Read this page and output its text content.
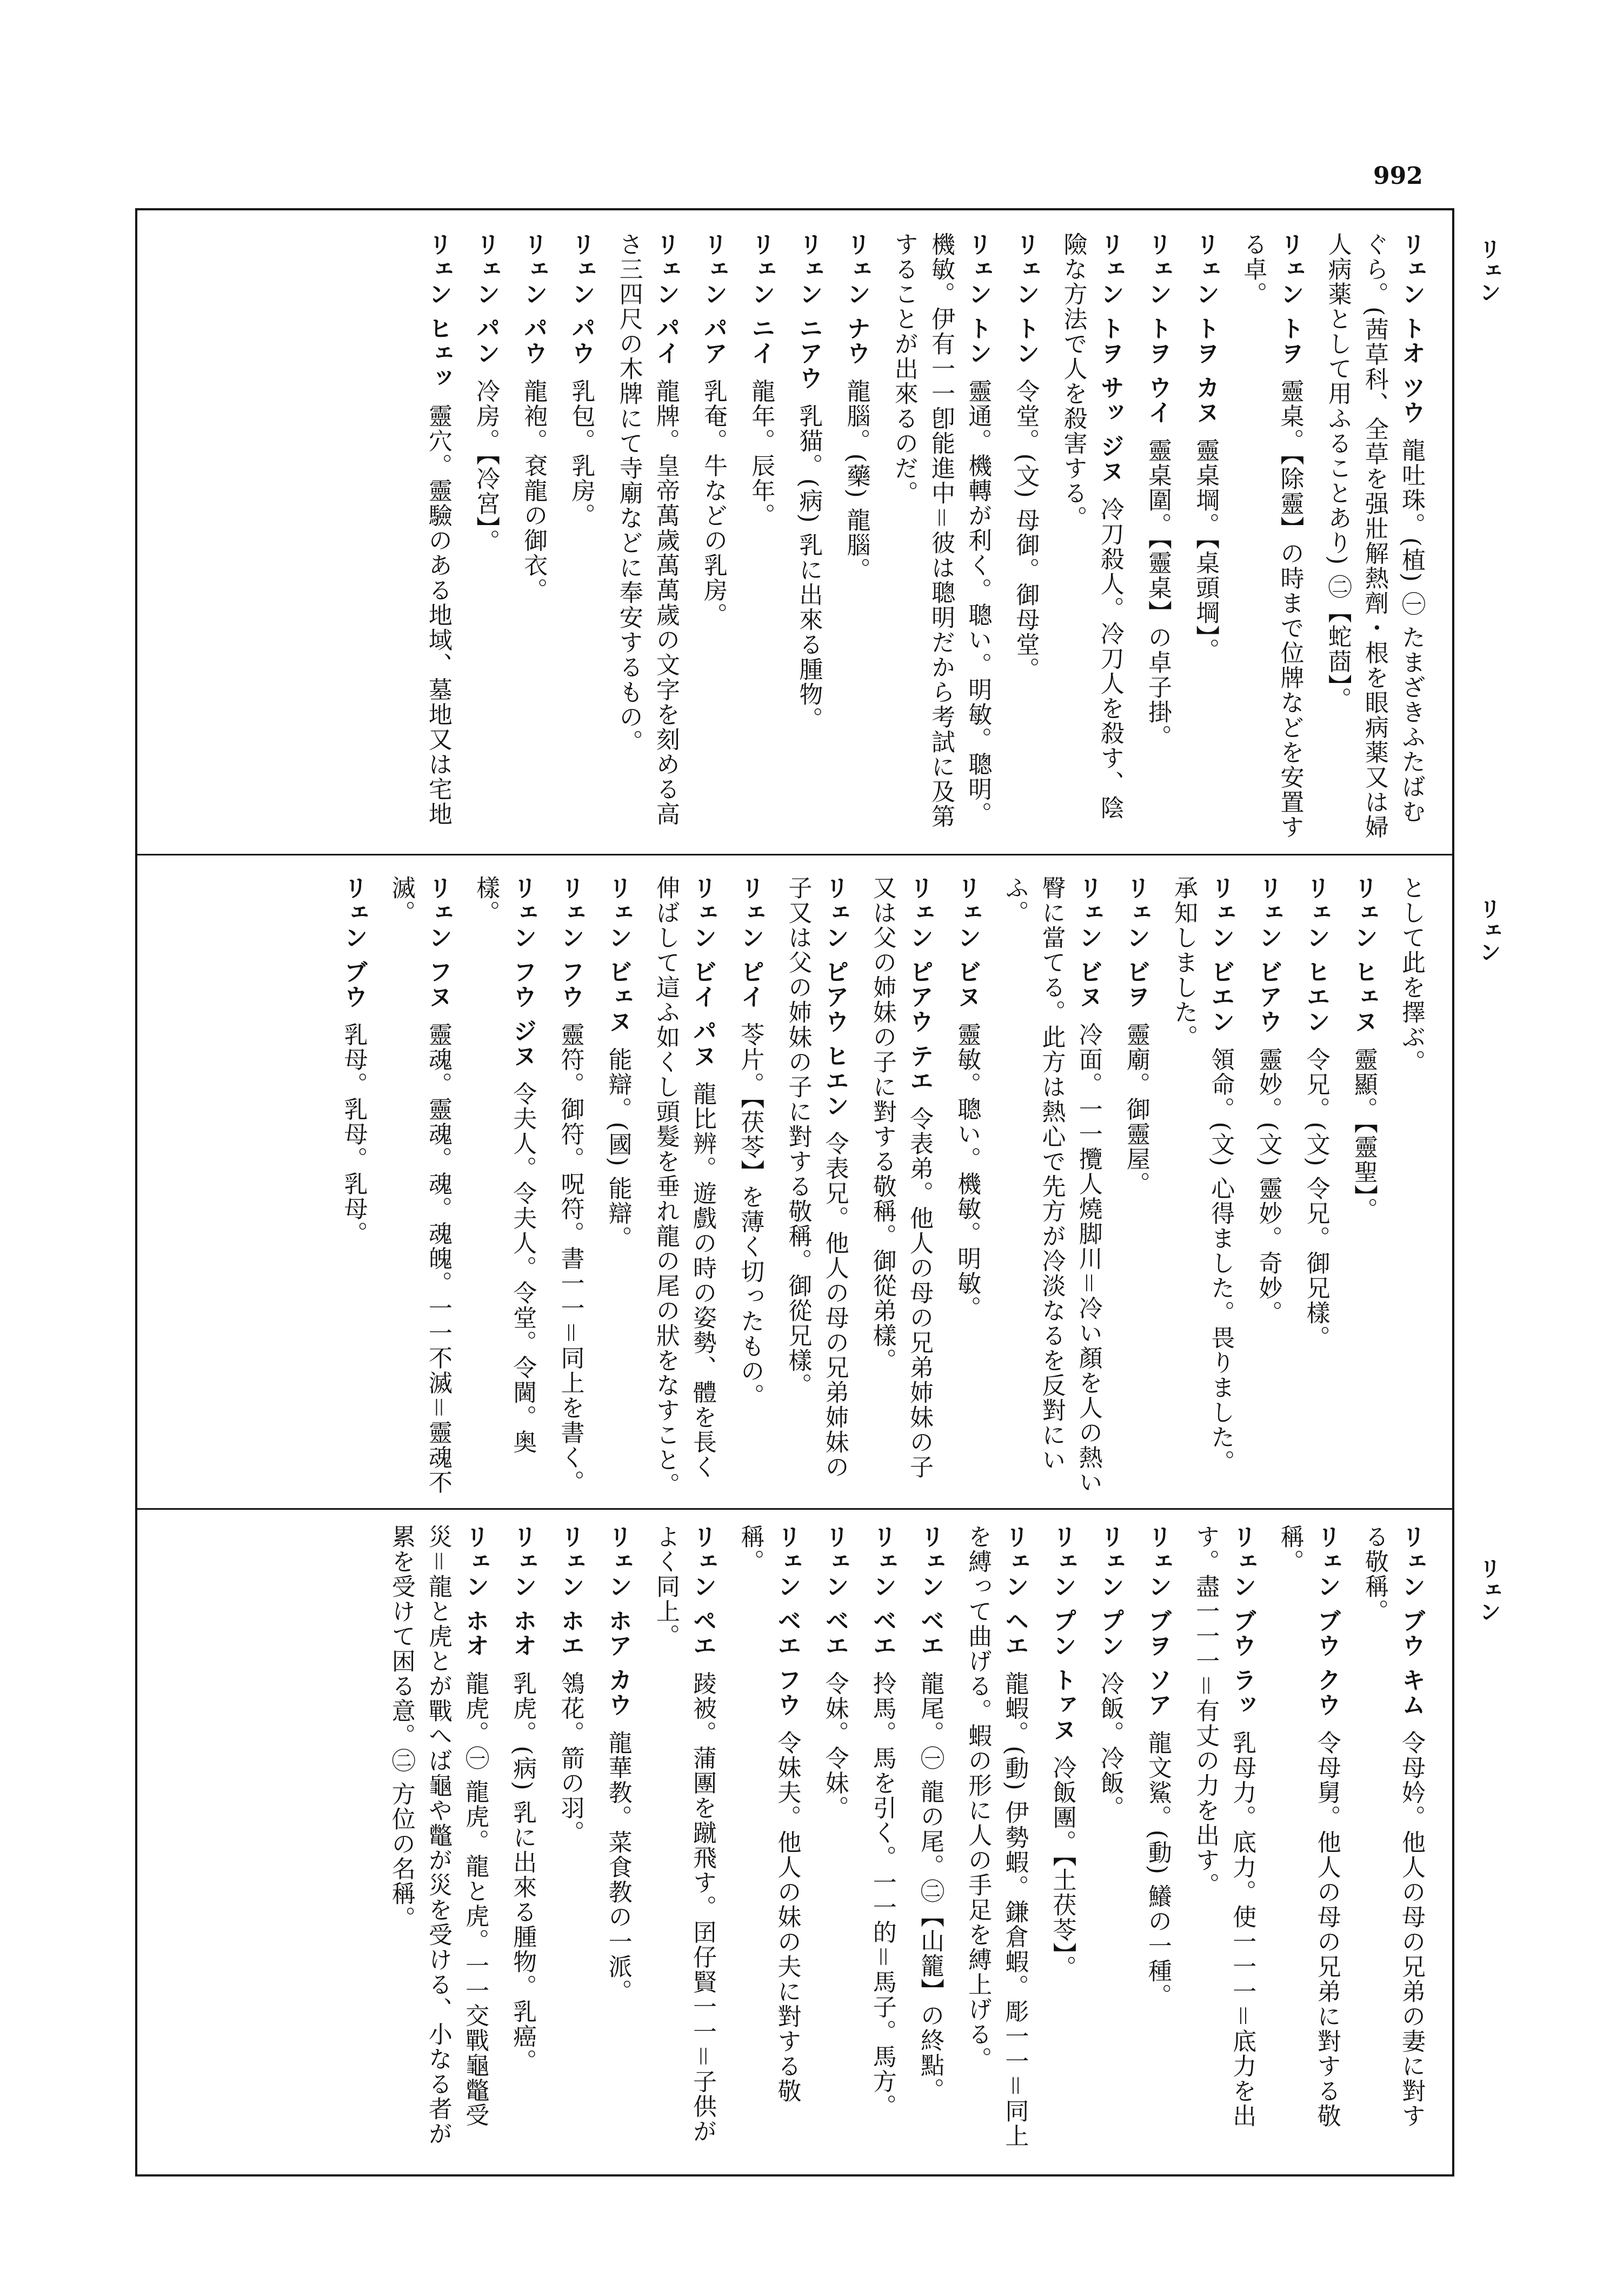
992
リェン
リェン
リェン
リェン トオ ツウ龍吐珠。(植) ㊀ たまざきふたばむぐら。(茜草科、全草を强壯解熱劑・根を眼病薬又は婦人病薬として用ふることあり) ㊁【蛇莔】。
リェン トヲ靈桌。【除靈】の時まで位牌などを安置する卓。
リェン トヲ カヌ靈桌堈。【桌頭堈】。
リェン トヲ ウイ靈桌圍。【靈桌】の卓子掛。
リェン トヲ サッ ジヌ冷刀殺人。冷刀人を殺す、陰險な方法で人を殺害する。
リェン トン令堂。(文) 母御。御母堂。
リェン トン靈通。機轉が利く。聰い。明敏。聰明。機敏。伊有一一卽能進中＝彼は聰明だから考試に及第することが出來るのだ。
リェン ナウ龍腦。(藥) 龍腦。
リェン ニアウ乳猫。(病) 乳に出來る腫物。
リェン ニイ龍年。辰年。
リェン パア乳奄。牛などの乳房。
リェン パイ龍牌。皇帝萬歲萬萬歲の文字を刻める高さ三四尺の木牌にて寺廟などに奉安するもの。
リェン パウ乳包。乳房。
リェン パウ龍袍。袞龍の御衣。
リェン パン冷房。【冷宮】。
リェン ヒェッ靈穴。靈驗のある地域、墓地又は宅地
として此を擇ぶ。
リェン ヒェヌ靈顯。【靈聖】。
リェン ヒエン令兄。(文) 令兄。御兄樣。
リェン ビアウ靈妙。(文) 靈妙。奇妙。
リェン ビエン領命。(文) 心得ました。畏りました。承知しました。
リェン ビヲ靈廟。御靈屋。
リェン ビヌ冷面。一一攬人燒脚川＝冷い顏を人の熱い臀に當てる。此方は熱心で先方が冷淡なるを反對にいふ。
リェン ビヌ靈敏。聰い。機敏。明敏。
リェン ピアウ テエ令表弟。他人の母の兄弟姉妹の子又は父の姉妹の子に對する敬稱。御從弟樣。
リェン ピアウ ヒエン令表兄。他人の母の兄弟姉妹の子又は父の姉妹の子に對する敬稱。御從兄樣。
リェン ピイ苓片。【茯苓】を薄く切ったもの。
リェン ビイ パヌ龍比辨。遊戲の時の姿勢、體を長く伸ばして這ふ如くし頭髮を垂れ龍の尾の狀をなすこと。
リェン ビェヌ能辯。(國) 能辯。
リェン フウ靈符。御符。呪符。書一一＝同上を書く。
リェン フウ ジヌ令夫人。令夫人。令堂。令閫。奥樣。
リェン フヌ靈魂。靈魂。魂。魂魄。一一不滅＝靈魂不滅。
リェン ブウ乳母。乳母。乳母。
リェン ブウ キム令母妗。他人の母の兄弟の妻に對する敬稱。
リェン ブウ クウ令母舅。他人の母の兄弟に對する敬稱。
リェン ブウ ラッ乳母力。底力。使一一一＝底力を出す。盡一一一＝有丈の力を出す。
リェン ブヲ ソア龍文鯊。(動) 鱶の一種。
リェン プン冷飯。冷飯。
リェン プン トァヌ冷飯團。【土茯苓】。
リェン ヘエ龍蝦。(動) 伊勢蝦。鎌倉蝦。彫一一＝同上を縛って曲げる。蝦の形に人の手足を縛上げる。
リェン ベエ龍尾。㊀ 龍の尾。㊁【山籠】の終點。
リェン ベエ拎馬。馬を引く。一一的＝馬子。馬方。
リェン ベエ令妹。令妹。
リェン ベエ フウ令妹夫。他人の妹の夫に對する敬稱。
リェン ペエ踜被。蒲團を蹴飛す。囝仔賢一一＝子供がよく同上。
リェン ホア カウ龍華教。菜食教の一派。
リェン ホエ鴒花。箭の羽。
リェン ホオ乳虎。(病) 乳に出來る腫物。乳癌。
リェン ホオ龍虎。㊀ 龍虎。龍と虎。一一交戰龜鼈受災＝龍と虎とが戰へば龜や鼈が災を受ける、小なる者が累を受けて困る意。㊁ 方位の名稱。
